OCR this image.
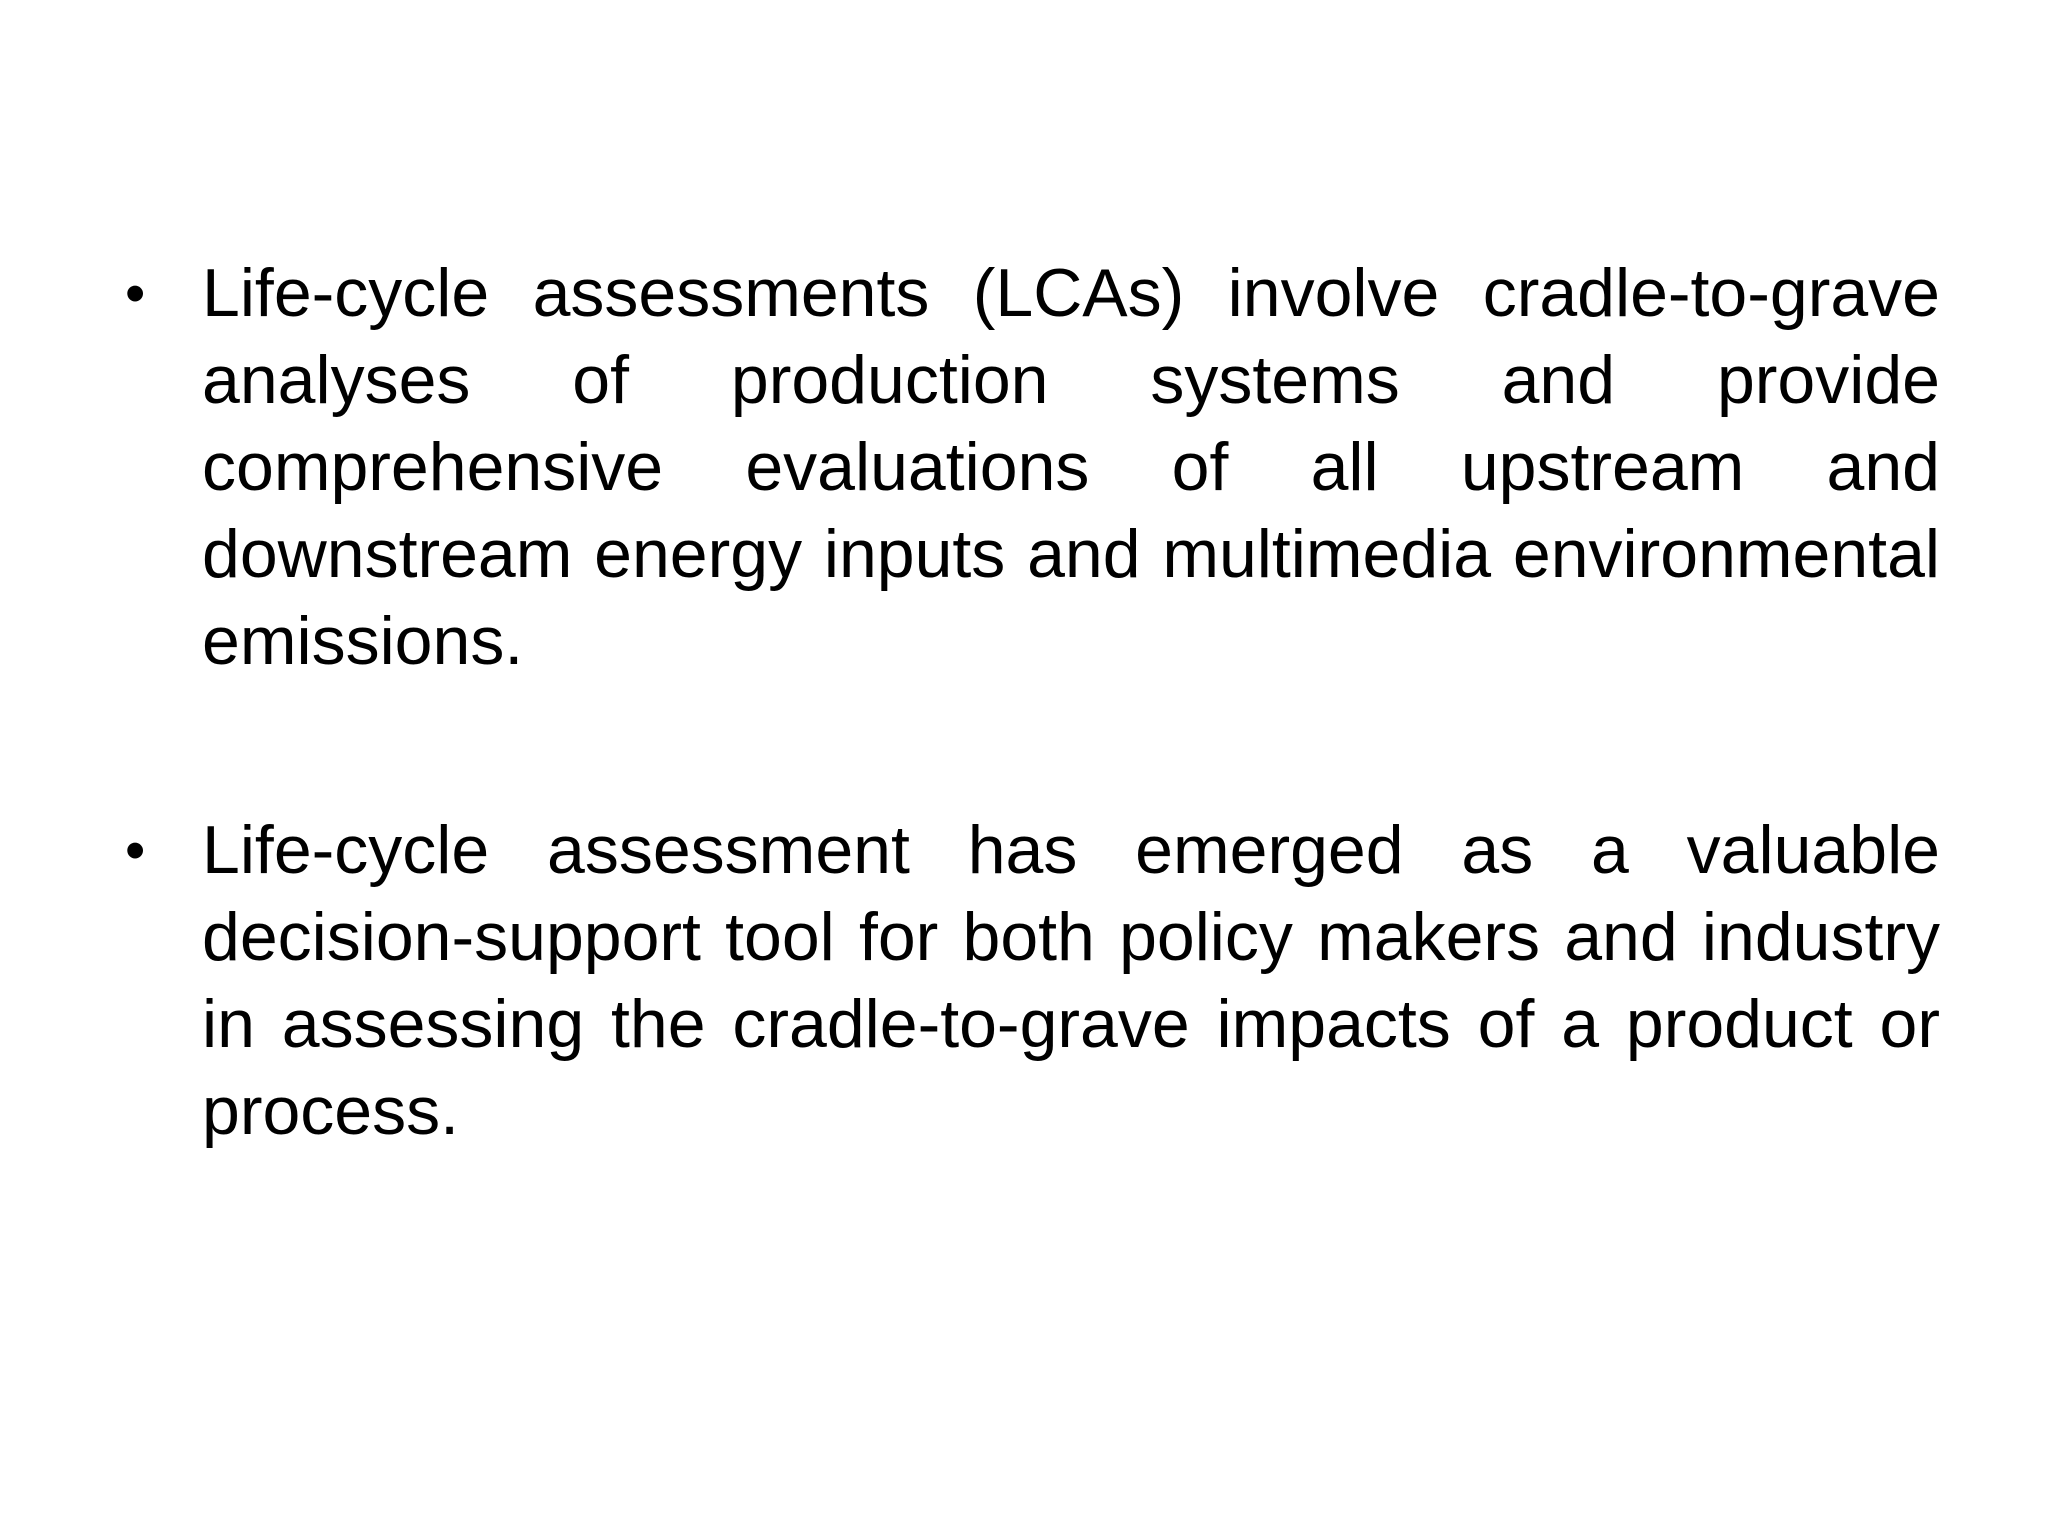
• Life-cycle assessments (LCAs) involve cradle-to-grave analyses of production systems and provide comprehensive evaluations of all upstream and downstream energy inputs and multimedia environmental emissions.

• Life-cycle assessment has emerged as a valuable decision-support tool for both policy makers and industry in assessing the cradle-to-grave impacts of a product or process.
